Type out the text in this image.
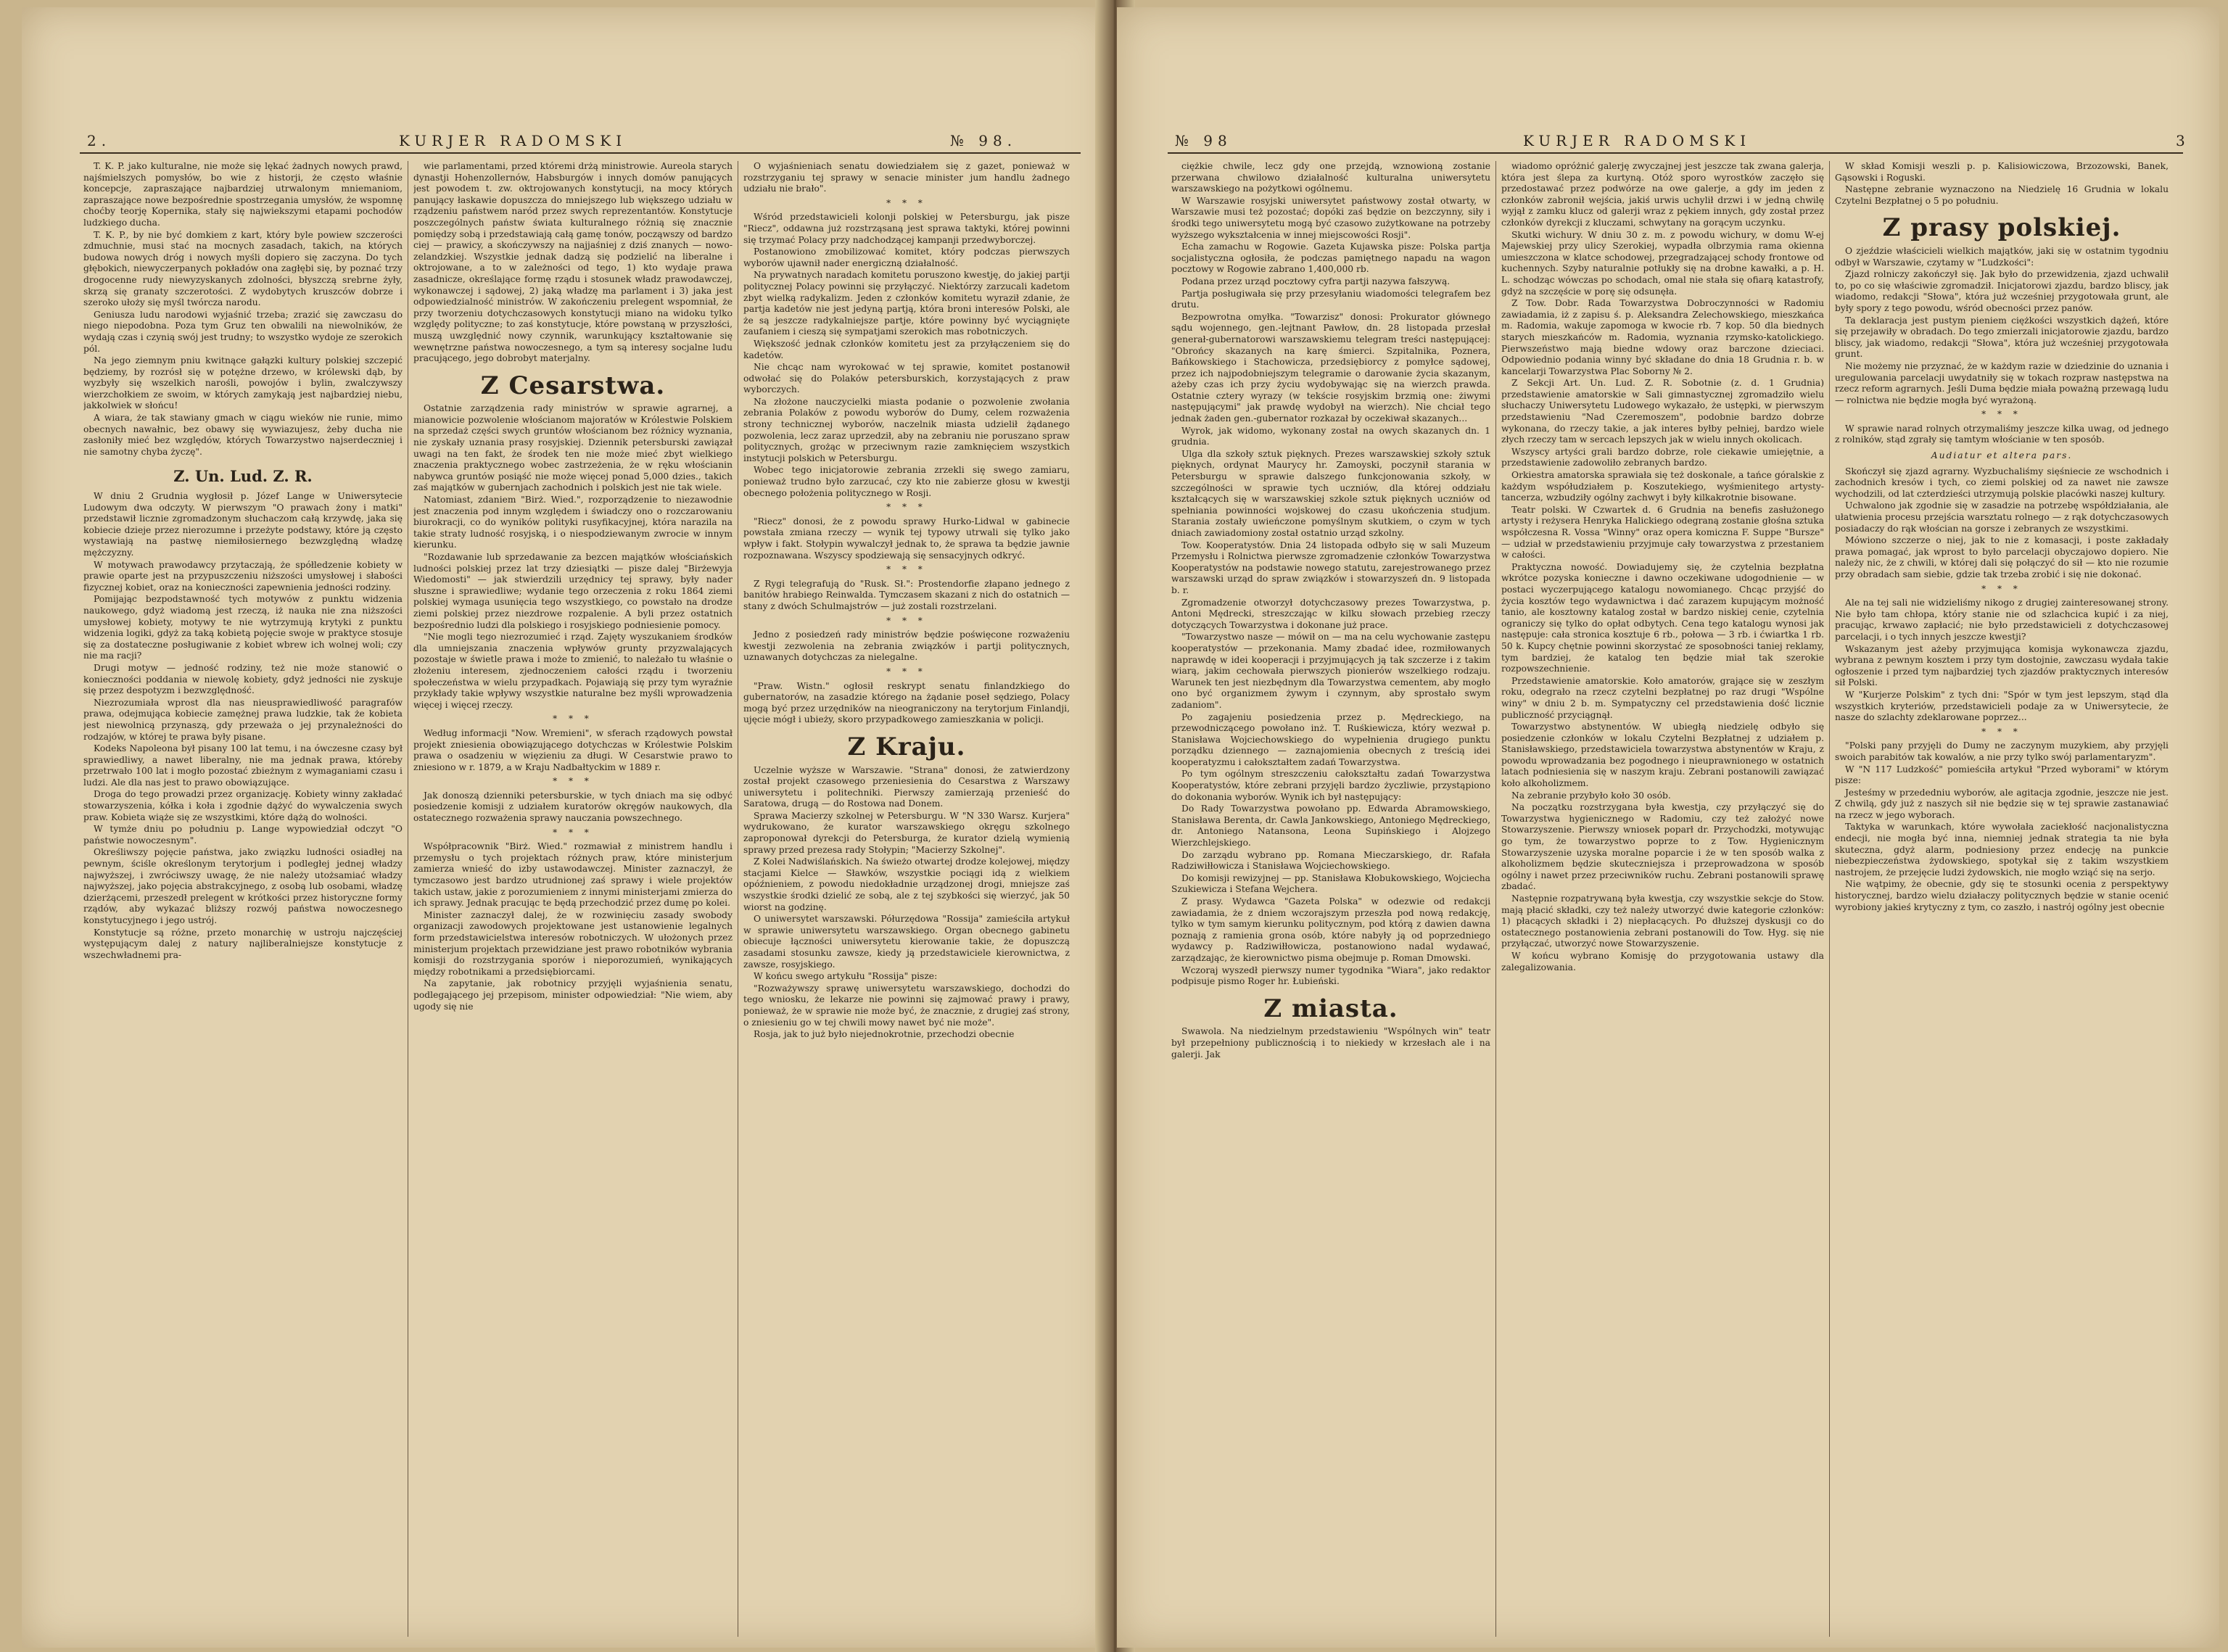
2.	KURJER RADOMSKI	№ 98.

T. K. P. jako kulturalne, nie może się lękać żadnych nowych prawd, najśmielszych pomysłów, bo wie z historji, że często właśnie koncepcje, zapraszające najbardziej utrwalonym mniemaniom, zapraszające nowe bezpośrednie spostrzegania umysłów, że wspomnę choćby teorję Kopernika, stały się najwiekszymi etapami pochodów ludzkiego ducha.

T. K. P., by nie być domkiem z kart, który byle powiew szczerości zdmuchnie, musi stać na mocnych zasadach, takich, na których budowa nowych dróg i nowych myśli dopiero się zaczyna. Do tych głębokich, niewyczerpanych pokładów ona zagłębi się, by poznać trzy drogocenne rudy niewyzyskanych zdolności, błyszczą srebrne żyły, skrzą się granaty szczerotości. Z wydobytych kruszców dobrze i szeroko ułoży się myśl twórcza narodu.

Geniusza ludu narodowi wyjaśnić trzeba; zrazić się zawczasu do niego niepodobna. Poza tym Gruz ten obwalili na niewolników, że wydają czas i czynią swój jest trudny; to wszystko wydoje ze szerokich pól.

Na jego ziemnym pniu kwitnące gałązki kultury polskiej szczepić będziemy, by rozrósł się w potężne drzewo, w królewski dąb, by wyzbyły się wszelkich narośli, powojów i bylin, zwalczywszy wierzchołkiem ze swoim, w których zamykają jest najbardziej niebu, jakkolwiek w słońcu!

A wiara, że tak stawiany gmach w ciągu wieków nie runie, mimo obecnych nawałnic, bez obawy się wywiazujesz, żeby ducha nie zasłoniły mieć bez względów, których Towarzystwo najserdeczniej i nie samotny chyba życzę".

Z. Un. Lud. Z. R.

W dniu 2 Grudnia wygłosił p. Józef Lange w Uniwersytecie Ludowym dwa odczyty. W pierwszym "O prawach żony i matki" przedstawił licznie zgromadzonym słuchaczom całą krzywdę, jaka się kobiecie dzieje przez nierozumne i przeżyte podstawy, które ją często wystawiają na pastwę niemiłosiernego bezwzględną władzę mężczyzny.

W motywach prawodawcy przytaczają, że spółledzenie kobiety w prawie oparte jest na przypuszczeniu niższości umysłowej i słabości fizycznej kobiet, oraz na konieczności zapewnienia jedności rodziny.

Pomijając bezpodstawność tych motywów z punktu widzenia naukowego, gdyż wiadomą jest rzeczą, iż nauka nie zna niższości umysłowej kobiety, motywy te nie wytrzymują krytyki z punktu widzenia logiki, gdyż za taką kobietą pojęcie swoje w praktyce stosuje się za dostateczne posługiwanie z kobiet wbrew ich wolnej woli; czy nie ma racji?

Drugi motyw — jedność rodziny, też nie może stanowić o konieczności poddania w niewolę kobiety, gdyż jedności nie zyskuje się przez despotyzm i bezwzględność.

Niezrozumiała wprost dla nas nieusprawiedliwość paragrafów prawa, odejmująca kobiecie zamężnej prawa ludzkie, tak że kobieta jest niewolnicą przynaszą, gdy przeważa o jej przynależności do rodzajów, w której te prawa były pisane.

Kodeks Napoleona był pisany 100 lat temu, i na ówczesne czasy był sprawiedliwy, a nawet liberalny, nie ma jednak prawa, któreby przetrwało 100 lat i mogło pozostać zbieżnym z wymaganiami czasu i ludzi. Ale dla nas jest to prawo obowiązujące.

Droga do tego prowadzi przez organizację. Kobiety winny zakładać stowarzyszenia, kółka i koła i zgodnie dążyć do wywalczenia swych praw. Kobieta wiąże się ze wszystkimi, które dążą do wolności.

W tymże dniu po południu p. Lange wypowiedział odczyt "O państwie nowoczesnym".

Określiwszy pojęcie państwa, jako związku ludności osiadłej na pewnym, ściśle określonym terytorjum i podległej jednej władzy najwyższej, i zwróciwszy uwagę, że nie należy utożsamiać władzy najwyższej, jako pojęcia abstrakcyjnego, z osobą lub osobami, władzę dzierżącemi, przeszedł prelegent w krótkości przez historyczne formy rządów, aby wykazać bliższy rozwój państwa nowoczesnego konstytucyjnego i jego ustrój.

Konstytucje są różne, przeto monarchię w ustroju najczęściej występującym dalej z natury najliberalniejsze konstytucje z wszechwładnemi pra-

wie parlamentami, przed któremi drżą ministrowie. Aureola starych dynastji Hohenzollernów, Habsburgów i innych domów panujących jest powodem t. zw. oktrojowanych konstytucji, na mocy których panujący łaskawie dopuszcza do mniejszego lub większego udziału w rządzeniu państwem naród przez swych reprezentantów. Konstytucje poszczególnych państw świata kulturalnego różnią się znacznie pomiędzy sobą i przedstawiają całą gamę tonów, począwszy od bardzo ciej — prawicy, a skończywszy na najjaśniej z dziś znanych — nowo-zelandzkiej. Wszystkie jednak dadzą się podzielić na liberalne i oktrojowane, a to w zależności od tego, 1) kto wydaje prawa zasadnicze, określające formę rządu i stosunek władz prawodawczej, wykonawczej i sądowej, 2) jaką władzę ma parlament i 3) jaka jest odpowiedzialność ministrów. W zakończeniu prelegent wspomniał, że przy tworzeniu dotychczasowych konstytucji miano na widoku tylko względy polityczne; to zaś konstytucje, które powstaną w przyszłości, muszą uwzględnić nowy czynnik, warunkujący kształtowanie się wewnętrzne państwa nowoczesnego, a tym są interesy socjalne ludu pracującego, jego dobrobyt materjalny.

Z Cesarstwa.

Ostatnie zarządzenia rady ministrów w sprawie agrarnej, a mianowicie pozwolenie włościanom majoratów w Królestwie Polskiem na sprzedaż części swych gruntów włościanom bez różnicy wyznania, nie zyskały uznania prasy rosyjskiej. Dziennik petersburski zawiązał uwagi na ten fakt, że środek ten nie może mieć zbyt wielkiego znaczenia praktycznego wobec zastrzeżenia, że w ręku włościanin nabywca gruntów posiąść nie może więcej ponad 5,000 dzies., takich zaś majątków w gubernjach zachodnich i polskich jest nie tak wiele.

Natomiast, zdaniem "Birż. Wied.", rozporządzenie to niezawodnie jest znaczenia pod innym względem i świadczy ono o rozczarowaniu biurokracji, co do wyników polityki rusyfikacyjnej, która narazila na takie straty ludność rosyjską, i o niespodziewanym zwrocie w innym kierunku.

"Rozdawanie lub sprzedawanie za bezcen majątków włościańskich ludności polskiej przez lat trzy dziesiątki — pisze dalej "Birżewyja Wiedomosti" — jak stwierdzili urzędnicy tej sprawy, były nader słuszne i sprawiedliwe; wydanie tego orzeczenia z roku 1864 ziemi polskiej wymaga usunięcia tego wszystkiego, co powstało na drodze ziemi polskiej przez niezdrowe rozpalenie. A byli przez ostatnich bezpośrednio ludzi dla polskiego i rosyjskiego podniesienie pomocy.

"Nie mogli tego niezrozumieć i rząd. Zajęty wyszukaniem środków dla umniejszania znaczenia wpływów grunty przyzwalających pozostaje w świetle prawa i może to zmienić, to należało tu właśnie o złożeniu interesem, zjednoczeniem całości rządu i tworzeniu społeczeństwa w wielu przypadkach. Pojawiają się przy tym wyraźnie przykłady takie wpływy wszystkie naturalne bez myśli wprowadzenia więcej i więcej rzeczy.

* * *

Według informacji "Now. Wremieni", w sferach rządowych powstał projekt zniesienia obowiązującego dotychczas w Królestwie Polskim prawa o osadzeniu w więzieniu za długi. W Cesarstwie prawo to zniesiono w r. 1879, a w Kraju Nadbałtyckim w 1889 r.

* * *

Jak donoszą dzienniki petersburskie, w tych dniach ma się odbyć posiedzenie komisji z udziałem kuratorów okręgów naukowych, dla ostatecznego rozważenia sprawy nauczania powszechnego.

* * *

Współpracownik "Birż. Wied." rozmawiał z ministrem handlu i przemysłu o tych projektach różnych praw, które ministerjum zamierza wnieść do izby ustawodawczej. Minister zaznaczył, że tymczasowo jest bardzo utrudnionej zaś sprawy i wiele projektów takich ustaw, jakie z porozumieniem z innymi ministerjami zmierza do ich sprawy. Jednak pracując te będą przechodzić przez dumę po kolei.

Minister zaznaczył dalej, że w rozwinięciu zasady swobody organizacji zawodowych projektowane jest ustanowienie legalnych form przedstawicielstwa interesów robotniczych. W ułożonych przez ministerjum projektach przewidziane jest prawo robotników wybrania komisji do rozstrzygania sporów i nieporozumień, wynikających między robotnikami a przedsiębiorcami.

Na zapytanie, jak robotnicy przyjęli wyjaśnienia senatu, podlegającego jej przepisom, minister odpowiedział: "Nie wiem, aby ugody się nie

O wyjaśnieniach senatu dowiedziałem się z gazet, ponieważ w rozstrzyganiu tej sprawy w senacie minister jum handlu żadnego udziału nie brało".

* * *

Wśród przedstawicieli kolonji polskiej w Petersburgu, jak pisze "Riecz", oddawna już rozstrząsaną jest sprawa taktyki, której powinni się trzymać Polacy przy nadchodzącej kampanji przedwyborczej.

Postanowiono zmobilizować komitet, który podczas pierwszych wyborów ujawnił nader energiczną działalność.

Na prywatnych naradach komitetu poruszono kwestję, do jakiej partji politycznej Polacy powinni się przyłączyć. Niektórzy zarzucali kadetom zbyt wielką radykalizm. Jeden z członków komitetu wyraził zdanie, że partja kadetów nie jest jedyną partją, która broni interesów Polski, ale że są jeszcze radykalniejsze partje, które powinny być wyciągnięte zaufaniem i cieszą się sympatjami szerokich mas robotniczych.

Większość jednak członków komitetu jest za przyłączeniem się do kadetów.

Nie chcąc nam wyrokować w tej sprawie, komitet postanowił odwołać się do Polaków petersburskich, korzystających z praw wyborczych.

Na złożone nauczycielki miasta podanie o pozwolenie zwołania zebrania Polaków z powodu wyborów do Dumy, celem rozważenia strony technicznej wyborów, naczelnik miasta udzielił żądanego pozwolenia, lecz zaraz uprzedził, aby na zebraniu nie poruszano spraw politycznych, grożąc w przeciwnym razie zamknięciem wszystkich instytucji polskich w Petersburgu.

Wobec tego inicjatorowie zebrania zrzekli się swego zamiaru, ponieważ trudno było zarzucać, czy kto nie zabierze głosu w kwestji obecnego położenia politycznego w Rosji.

* * *

"Riecz" donosi, że z powodu sprawy Hurko-Lidwal w gabinecie powstała zmiana rzeczy — wynik tej typowy utrwali się tylko jako wpływ i fakt. Stołypin wywalczył jednak to, że sprawa ta będzie jawnie rozpoznawana. Wszyscy spodziewają się sensacyjnych odkryć.

* * *

Z Rygi telegrafują do "Rusk. Sł.": Prostendorfie złapano jednego z banitów hrabiego Reinwalda. Tymczasem skazani z nich do ostatnich — stany z dwóch Schulmajstrów — już zostali rozstrzelani.

* * *

Jedno z posiedzeń rady ministrów będzie poświęcone rozważeniu kwestji zezwolenia na zebrania związków i partji politycznych, uznawanych dotychczas za nielegalne.

* * *

"Praw. Wistn." ogłosił reskrypt senatu finlandzkiego do gubernatorów, na zasadzie którego na żądanie poseł sędziego, Polacy mogą być przez urzędników na nieograniczony na terytorjum Finlandji, ujęcie mógł i ubieży, skoro przypadkowego zamieszkania w policji.

Z Kraju.

Uczelnie wyższe w Warszawie. "Strana" donosi, że zatwierdzony został projekt czasowego przeniesienia do Cesarstwa z Warszawy uniwersytetu i politechniki. Pierwszy zamierzają przenieść do Saratowa, drugą — do Rostowa nad Donem.

Sprawa Macierzy szkolnej w Petersburgu. W "N 330 Warsz. Kurjera" wydrukowano, że kurator warszawskiego okręgu szkolnego zaproponował dyrekcji do Petersburga, że kurator dzielą wymienią sprawy przed prezesa rady Stołypin; "Macierzy Szkolnej".

Z Kolei Nadwiślańskich. Na świeżo otwartej drodze kolejowej, między stacjami Kielce — Sławków, wszystkie pociągi idą z wielkiem opóźnieniem, z powodu niedokładnie urządzonej drogi, mniejsze zaś wszystkie środki dzielić ze sobą, ale z tej szybkości się wierzyć, jak 50 wiorst na godzinę.

O uniwersytet warszawski. Półurzędowa "Rossija" zamieściła artykuł w sprawie uniwersytetu warszawskiego. Organ obecnego gabinetu obiecuje łączności uniwersytetu kierowanie takie, że dopuszczą zasadami stosunku zawsze, kiedy ją przedstawiciele kierownictwa, z zawsze, rosyjskiego.

W końcu swego artykułu "Rossija" pisze:

"Rozważywszy sprawę uniwersytetu warszawskiego, dochodzi do tego wniosku, że lekarze nie powinni się zajmować prawy i prawy, ponieważ, że w sprawie nie może być, że znacznie, z drugiej zaś strony, o zniesieniu go w tej chwili mowy nawet być nie może".

Rosja, jak to już było niejednokrotnie, przechodzi obecnie

№ 98	KURJER RADOMSKI	3

ciężkie chwile, lecz gdy one przejdą, wznowioną zostanie przerwana chwilowo działalność kulturalna uniwersytetu warszawskiego na pożytkowi ogólnemu.

W Warszawie rosyjski uniwersytet państwowy został otwarty, w Warszawie musi też pozostać; dopóki zaś będzie on bezczynny, siły i środki tego uniwersytetu mogą być czasowo zużytkowane na potrzeby wyższego wykształcenia w innej miejscowości Rosji".

Echa zamachu w Rogowie. Gazeta Kujawska pisze: Polska partja socjalistyczna ogłosiła, że podczas pamiętnego napadu na wagon pocztowy w Rogowie zabrano 1,400,000 rb.

Podana przez urząd pocztowy cyfra partji nazywa fałszywą.

Partja posługiwała się przy przesyłaniu wiadomości telegrafem bez drutu.

Bezpowrotna omyłka. "Towarzisz" donosi: Prokurator głównego sądu wojennego, gen.-lejtnant Pawłow, dn. 28 listopada przesłał generał-gubernatorowi warszawskiemu telegram treści następującej: "Obrońcy skazanych na karę śmierci. Szpitalnika, Poznera, Bańkowskiego i Stachowicza, przedsiębiorcy z pomyłce sądowej, przez ich najpodobniejszym telegramie o darowanie życia skazanym, ażeby czas ich przy życiu wydobywając się na wierzch prawda. Ostatnie cztery wyrazy (w tekście rosyjskim brzmią one: żiwymi następującymi" jak prawdę wydobył na wierzch). Nie chciał tego jednak żaden gen.-gubernator rozkazał by oczekiwał skazanych...

Wyrok, jak widomo, wykonany został na owych skazanych dn. 1 grudnia.

Ulga dla szkoły sztuk pięknych. Prezes warszawskiej szkoły sztuk pięknych, ordynat Maurycy hr. Zamoyski, poczynił starania w Petersburgu w sprawie dalszego funkcjonowania szkoły, w szczególności w sprawie tych uczniów, dla której oddziału kształcących się w warszawskiej szkole sztuk pięknych uczniów od spełniania powinności wojskowej do czasu ukończenia studjum. Starania zostały uwieńczone pomyślnym skutkiem, o czym w tych dniach zawiadomiony został ostatnio urząd szkolny.

Tow. Kooperatystów. Dnia 24 listopada odbyło się w sali Muzeum Przemysłu i Rolnictwa pierwsze zgromadzenie członków Towarzystwa Kooperatystów na podstawie nowego statutu, zarejestrowanego przez warszawski urząd do spraw związków i stowarzyszeń dn. 9 listopada b. r.

Zgromadzenie otworzył dotychczasowy prezes Towarzystwa, p. Antoni Mędrecki, streszczając w kilku słowach przebieg rzeczy dotyczących Towarzystwa i dokonane już prace.

"Towarzystwo nasze — mówił on — ma na celu wychowanie zastępu kooperatystów — przekonania. Mamy zbadać idee, rozmiłowanych naprawdę w idei kooperacji i przyjmujących ją tak szczerze i z takim wiarą, jakim cechowała pierwszych pionierów wszelkiego rodzaju. Warunek ten jest niezbędnym dla Towarzystwa cementem, aby mogło ono być organizmem żywym i czynnym, aby sprostało swym zadaniom".

Po zagajeniu posiedzenia przez p. Mędreckiego, na przewodniczącego powołano inż. T. Ruśkiewicza, który wezwał p. Stanisława Wojciechowskiego do wypełnienia drugiego punktu porządku dziennego — zaznajomienia obecnych z treścią idei kooperatyzmu i całokształtem zadań Towarzystwa.

Po tym ogólnym streszczeniu całokształtu zadań Towarzystwa Kooperatystów, które zebrani przyjęli bardzo życzliwie, przystąpiono do dokonania wyborów. Wynik ich był następujący:

Do Rady Towarzystwa powołano pp. Edwarda Abramowskiego, Stanisława Berenta, dr. Cawla Jankowskiego, Antoniego Mędreckiego, dr. Antoniego Natansona, Leona Supińskiego i Alojzego Wierzchlejskiego.

Do zarządu wybrano pp. Romana Mieczarskiego, dr. Rafała Radziwiłłowicza i Stanisława Wojciechowskiego.

Do komisji rewizyjnej — pp. Stanisława Kłobukowskiego, Wojciecha Szukiewicza i Stefana Wejchera.

Z prasy. Wydawca "Gazeta Polska" w odezwie od redakcji zawiadamia, że z dniem wczorajszym przeszła pod nową redakcję, tylko w tym samym kierunku politycznym, pod którą z dawien dawna poznają z ramienia grona osób, które nabyły ją od poprzedniego wydawcy p. Radziwiłłowicza, postanowiono nadal wydawać, zarządzając, że kierownictwo pisma obejmuje p. Roman Dmowski.

Wczoraj wyszedł pierwszy numer tygodnika "Wiara", jako redaktor podpisuje pismo Roger hr. Łubieński.

Z miasta.

Swawola. Na niedzielnym przedstawieniu "Wspólnych win" teatr był przepełniony publicznością i to niekiedy w krzesłach ale i na galerji. Jak

wiadomo opróżnić galerję zwyczajnej jest jeszcze tak zwana galerja, która jest ślepa za kurtyną. Otóż sporo wyrostków zaczęło się przedostawać przez podwórze na owe galerje, a gdy im jeden z członków zabronił wejścia, jakiś urwis uchylił drzwi i w jedną chwilę wyjął z zamku klucz od galerji wraz z pękiem innych, gdy został przez członków dyrekcji z kluczami, schwytany na gorącym uczynku.

Skutki wichury. W dniu 30 z. m. z powodu wichury, w domu W-ej Majewskiej przy ulicy Szerokiej, wypadła olbrzymia rama okienna umieszczona w klatce schodowej, przegradzającej schody frontowe od kuchennych. Szyby naturalnie potłukły się na drobne kawałki, a p. H. L. schodząc wówczas po schodach, omal nie stała się ofiarą katastrofy, gdyż na szczęście w porę się odsunęła.

Z Tow. Dobr. Rada Towarzystwa Dobroczynności w Radomiu zawiadamia, iż z zapisu ś. p. Aleksandra Zelechowskiego, mieszkańca m. Radomia, wakuje zapomoga w kwocie rb. 7 kop. 50 dla biednych starych mieszkańców m. Radomia, wyznania rzymsko-katolickiego. Pierwszeństwo mają biedne wdowy oraz barczone dzieciaci. Odpowiednio podania winny być składane do dnia 18 Grudnia r. b. w kancelarji Towarzystwa Plac Soborny № 2.

Z Sekcji Art. Un. Lud. Z. R. Sobotnie (z. d. 1 Grudnia) przedstawienie amatorskie w Sali gimnastycznej zgromadziło wielu słuchaczy Uniwersytetu Ludowego wykazało, że ustępki, w pierwszym przedstawieniu "Nad Czeremoszem", podobnie bardzo dobrze wykonana, do rzeczy takie, a jak interes byłby pełniej, bardzo wiele złych rzeczy tam w sercach lepszych jak w wielu innych okolicach.

Wszyscy artyści grali bardzo dobrze, role ciekawie umiejętnie, a przedstawienie zadowoliło zebranych bardzo.

Orkiestra amatorska sprawiała się też doskonale, a tańce góralskie z każdym współudziałem p. Koszutekiego, wyśmienitego artysty-tancerza, wzbudziły ogólny zachwyt i były kilkakrotnie bisowane.

Teatr polski. W Czwartek d. 6 Grudnia na benefis zasłużonego artysty i reżysera Henryka Halickiego odegraną zostanie głośna sztuka współczesna R. Vossa "Winny" oraz opera komiczna F. Suppe "Bursze" — udział w przedstawieniu przyjmuje cały towarzystwa z przestaniem w całości.

Praktyczna nowość. Dowiadujemy się, że czytelnia bezpłatna wkrótce pozyska konieczne i dawno oczekiwane udogodnienie — w postaci wyczerpującego katalogu nowomianego. Chcąc przyjść do życia kosztów tego wydawnictwa i dać zarazem kupującym możność tanio, ale kosztowny katalog został w bardzo niskiej cenie, czytelnia ograniczy się tylko do opłat odbytych. Cena tego katalogu wynosi jak następuje: cała stronica kosztuje 6 rb., połowa — 3 rb. i ćwiartka 1 rb. 50 k. Kupcy chętnie powinni skorzystać ze sposobności taniej reklamy, tym bardziej, że katalog ten będzie miał tak szerokie rozpowszechnienie.

Przedstawienie amatorskie. Koło amatorów, grające się w zeszłym roku, odegrało na rzecz czytelni bezpłatnej po raz drugi "Wspólne winy" w dniu 2 b. m. Sympatyczny cel przedstawienia dość licznie publiczność przyciągnął.

Towarzystwo abstynentów. W ubiegłą niedzielę odbyło się posiedzenie członków w lokalu Czytelni Bezpłatnej z udziałem p. Stanisławskiego, przedstawiciela towarzystwa abstynentów w Kraju, z powodu wprowadzania bez pogodnego i nieuprawnionego w ostatnich latach podniesienia się w naszym kraju. Zebrani postanowili zawiązać koło alkoholizmem.

Na zebranie przybyło koło 30 osób.

Na początku rozstrzygana była kwestja, czy przyłączyć się do Towarzystwa hygienicznego w Radomiu, czy też założyć nowe Stowarzyszenie. Pierwszy wniosek poparł dr. Przychodzki, motywując go tym, że towarzystwo poprze to z Tow. Hygienicznym Stowarzyszenie uzyska moralne poparcie i że w ten sposób walka z alkoholizmem będzie skuteczniejsza i przeprowadzona w sposób ogólny i nawet przez przeciwników ruchu. Zebrani postanowili sprawę zbadać.

Następnie rozpatrywaną była kwestja, czy wszystkie sekcje do Stow. mają płacić składki, czy też należy utworzyć dwie kategorie członków: 1) płacących składki i 2) niepłacących. Po dłuższej dyskusji co do ostatecznego postanowienia zebrani postanowili do Tow. Hyg. się nie przyłączać, utworzyć nowe Stowarzyszenie.

W końcu wybrano Komisję do przygotowania ustawy dla zalegalizowania.

W skład Komisji weszli p. p. Kalisiowiczowa, Brzozowski, Banek, Gąsowski i Roguski.

Następne zebranie wyznaczono na Niedzielę 16 Grudnia w lokalu Czytelni Bezpłatnej o 5 po południu.

Z prasy polskiej.

O zjeździe właścicieli wielkich majątków, jaki się w ostatnim tygodniu odbył w Warszawie, czytamy w "Ludzkości":

Zjazd rolniczy zakończył się. Jak było do przewidzenia, zjazd uchwalił to, po co się właściwie zgromadził. Inicjatorowi zjazdu, bardzo bliscy, jak wiadomo, redakcji "Słowa", która już wcześniej przygotowała grunt, ale były spory z tego powodu, wśród obecności przez panów.

Ta deklaracja jest pustym pieniem ciężkości wszystkich dążeń, które się przejawiły w obradach. Do tego zmierzali inicjatorowie zjazdu, bardzo bliscy, jak wiadomo, redakcji "Słowa", która już wcześniej przygotowała grunt.

Nie możemy nie przyznać, że w każdym razie w dziedzinie do uznania i uregulowania parcelacji uwydatniły się w tokach rozpraw następstwa na rzecz reform agrarnych. Jeśli Duma będzie miała poważną przewagą ludu — rolnictwa nie będzie mogła być wyrażoną.

* * *

W sprawie narad rolnych otrzymaliśmy jeszcze kilka uwag, od jednego z rolników, stąd zgrały się tamtym włościanie w ten sposób.

Audiatur et altera pars.

Skończył się zjazd agrarny. Wyzbuchaliśmy sięśniecie ze wschodnich i zachodnich kresów i tych, co ziemi polskiej od za nawet nie zawsze wychodzili, od lat czterdzieści utrzymują polskie placówki naszej kultury.

Uchwalono jak zgodnie się w zasadzie na potrzebę współdziałania, ale ułatwienia procesu przejścia warsztatu rolnego — z rąk dotychczasowych posiadaczy do rąk włościan na gorsze i zebranych ze wszystkimi.

Mówiono szczerze o niej, jak to nie z komasacji, i poste zakładały prawa pomagać, jak wprost to było parcelacji obyczajowo dopiero. Nie należy nic, że z chwili, w której dali się połączyć do sił — kto nie rozumie przy obradach sam siebie, gdzie tak trzeba zrobić i się nie dokonać.

* * *

Ale na tej sali nie widzieliśmy nikogo z drugiej zainteresowanej strony. Nie było tam chłopa, który stanie nie od szlachcica kupić i za niej, pracując, krwawo zapłacić; nie było przedstawicieli z dotychczasowej parcelacji, i o tych innych jeszcze kwestji?

Wskazanym jest ażeby przyjmująca komisja wykonawcza zjazdu, wybrana z pewnym kosztem i przy tym dostojnie, zawczasu wydała takie ogłoszenie i przed tym najbardziej tych zjazdów praktycznych interesów sił Polski.

W "Kurjerze Polskim" z tych dni: "Spór w tym jest lepszym, stąd dla wszystkich kryteriów, przedstawicieli podaje za w Uniwersytecie, że nasze do szlachty zdeklarowane poprzez...

* * *

"Polski pany przyjęli do Dumy ne zaczynym muzykiem, aby przyjęli swoich parabitów tak kowalów, a nie przy tylko swój parlamentaryzm".

W "N 117 Ludzkość" pomieściła artykuł "Przed wyborami" w którym pisze:

Jesteśmy w przededniu wyborów, ale agitacja zgodnie, jeszcze nie jest. Z chwilą, gdy już z naszych sił nie będzie się w tej sprawie zastanawiać na rzecz w jego wyborach.

Taktyka w warunkach, które wywołała zaciekłość nacjonalistyczna endecji, nie mogła być inna, niemniej jednak strategia ta nie była skuteczna, gdyż alarm, podniesiony przez endecję na punkcie niebezpieczeństwa żydowskiego, spotykał się z takim wszystkiem nastrojem, że przejęcie ludzi żydowskich, nie mogło wziąć się na serjo.

Nie wątpimy, że obecnie, gdy się te stosunki ocenia z perspektywy historycznej, bardzo wielu działaczy politycznych będzie w stanie ocenić wyrobiony jakieś krytyczny z tym, co zaszło, i nastrój ogólny jest obecnie
